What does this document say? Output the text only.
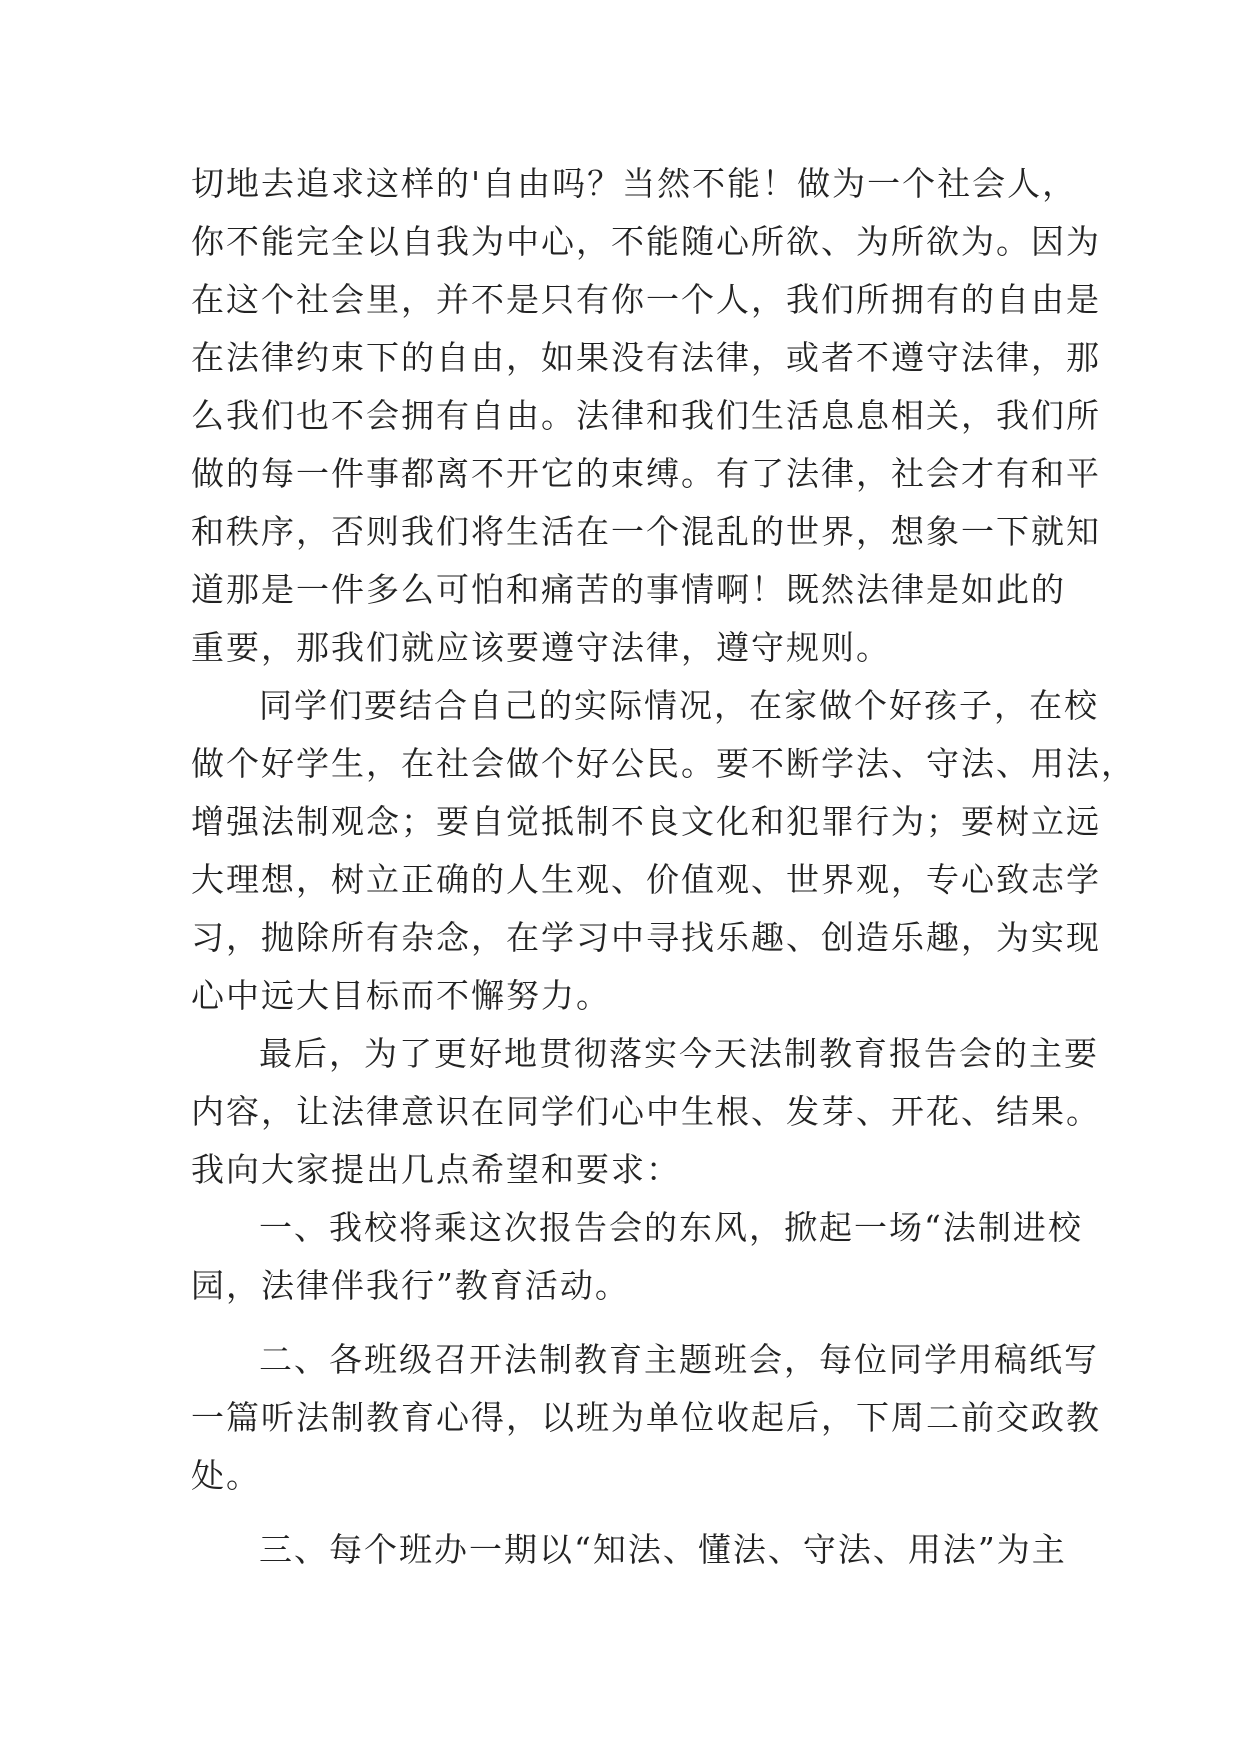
切地去追求这样的'自由吗？当然不能！做为一个社会人，
你不能完全以自我为中心，不能随心所欲、为所欲为。因为
在这个社会里，并不是只有你一个人，我们所拥有的自由是
在法律约束下的自由，如果没有法律，或者不遵守法律，那
么我们也不会拥有自由。法律和我们生活息息相关，我们所
做的每一件事都离不开它的束缚。有了法律，社会才有和平
和秩序，否则我们将生活在一个混乱的世界，想象一下就知
道那是一件多么可怕和痛苦的事情啊！既然法律是如此的
重要，那我们就应该要遵守法律，遵守规则。
同学们要结合自己的实际情况，在家做个好孩子，在校
做个好学生，在社会做个好公民。要不断学法、守法、用法，
增强法制观念；要自觉抵制不良文化和犯罪行为；要树立远
大理想，树立正确的人生观、价值观、世界观，专心致志学
习，抛除所有杂念，在学习中寻找乐趣、创造乐趣，为实现
心中远大目标而不懈努力。
最后，为了更好地贯彻落实今天法制教育报告会的主要
内容，让法律意识在同学们心中生根、发芽、开花、结果。
我向大家提出几点希望和要求：
一、我校将乘这次报告会的东风，掀起一场“法制进校
园，法律伴我行”教育活动。
二、各班级召开法制教育主题班会，每位同学用稿纸写
一篇听法制教育心得，以班为单位收起后，下周二前交政教
处。
三、每个班办一期以“知法、懂法、守法、用法”为主
